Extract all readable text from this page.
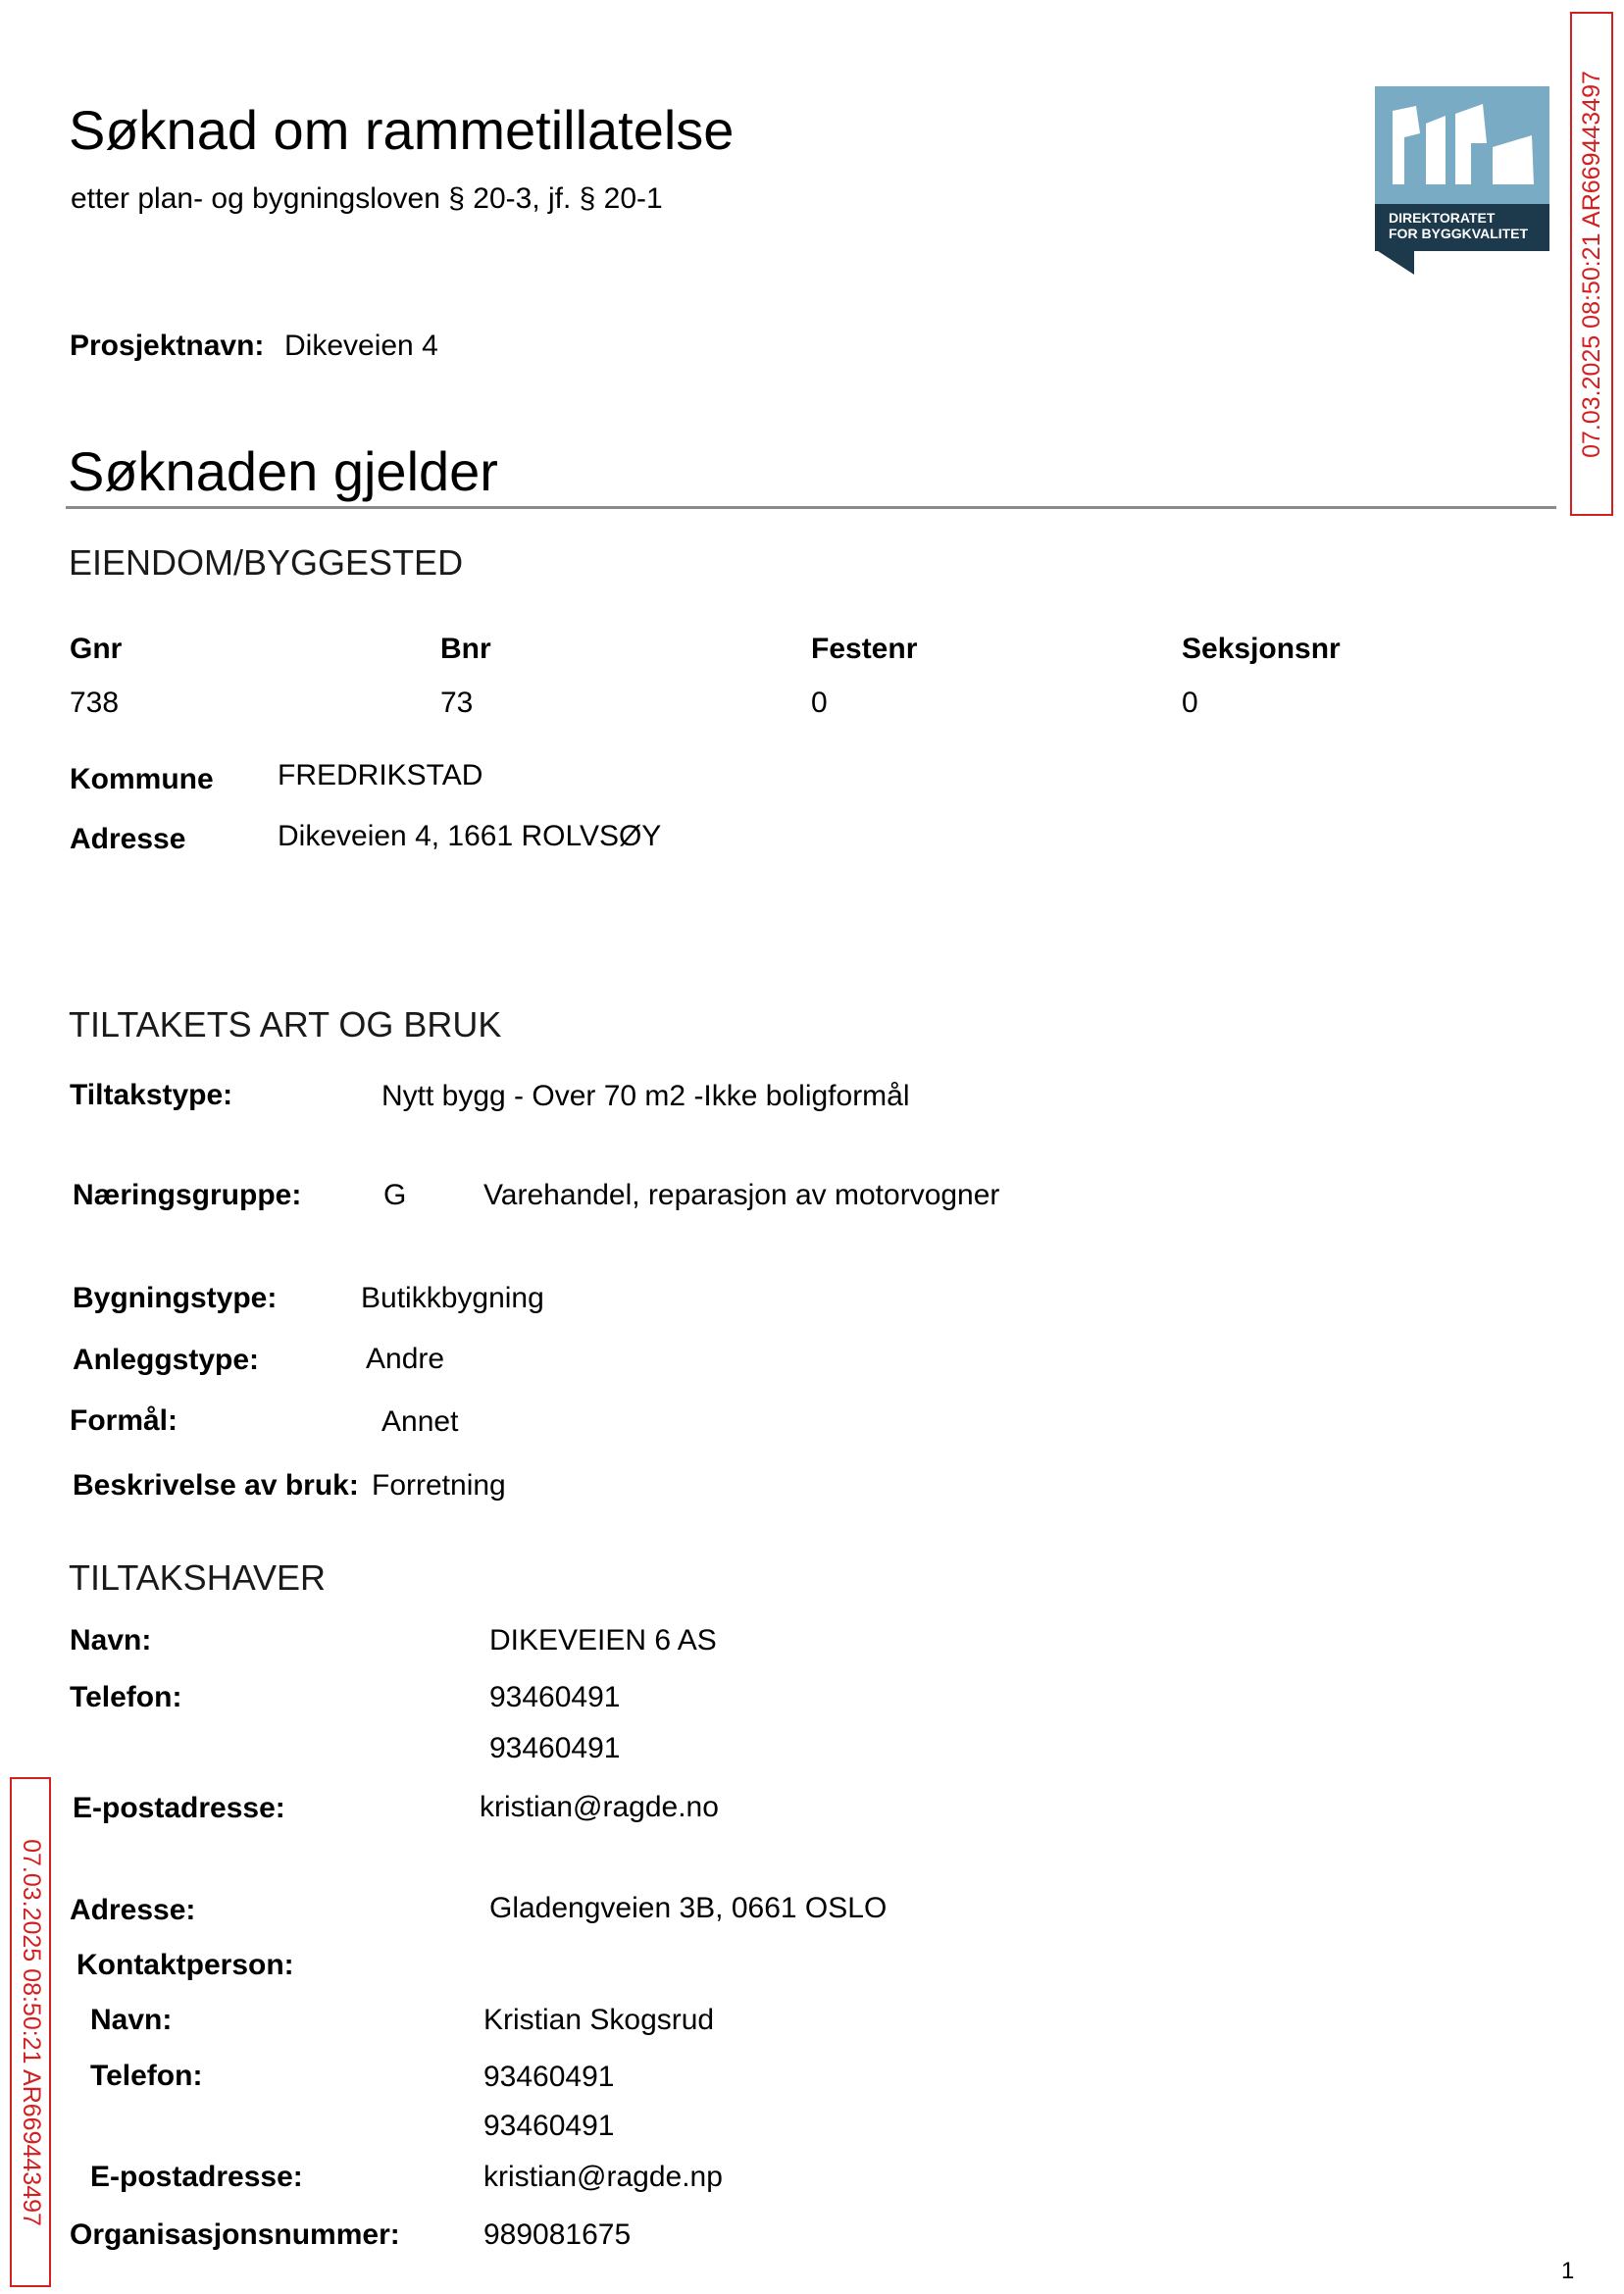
Søknad om rammetillatelse
etter plan- og bygningsloven § 20-3, jf. § 20-1
DIREKTORATET
FOR BYGGKVALITET 07.03.2025 08:50:21 AR669443497
Prosjektnavn: Dikeveien 4
Søknaden gjelder
EIENDOM/BYGGESTED
Gnr	Bnr	Festenr	Seksjonsnr
738	73	0	0
Kommune FREDRIKSTAD
Adresse	Dikeveien 4, 1661 ROLVSØY
TILTAKETS ART OG BRUK
Tiltakstype:	Nytt bygg - Over 70 m2 -Ikke boligformål
Næringsgruppe:	G	Varehandel, reparasjon av motorvogner
Bygningstype:	Butikkbygning
Anleggstype:	Andre
Formål:	Annet
Beskrivelse av bruk: Forretning
TILTAKSHAVER
Navn:	DIKEVEIEN 6 AS
Telefon:	93460491
93460491
E-postadresse:	kristian@ragde.no
Adresse:	Gladengveien 3B, 0661 OSLO
Kontaktperson:
Navn:	Kristian Skogsrud
Telefon:	93460491
93460491
E-postadresse:	kristian@ragde.np
Organisasjonsnummer:	989081675
07.03.2025 08:50:21 AR669443497
1
